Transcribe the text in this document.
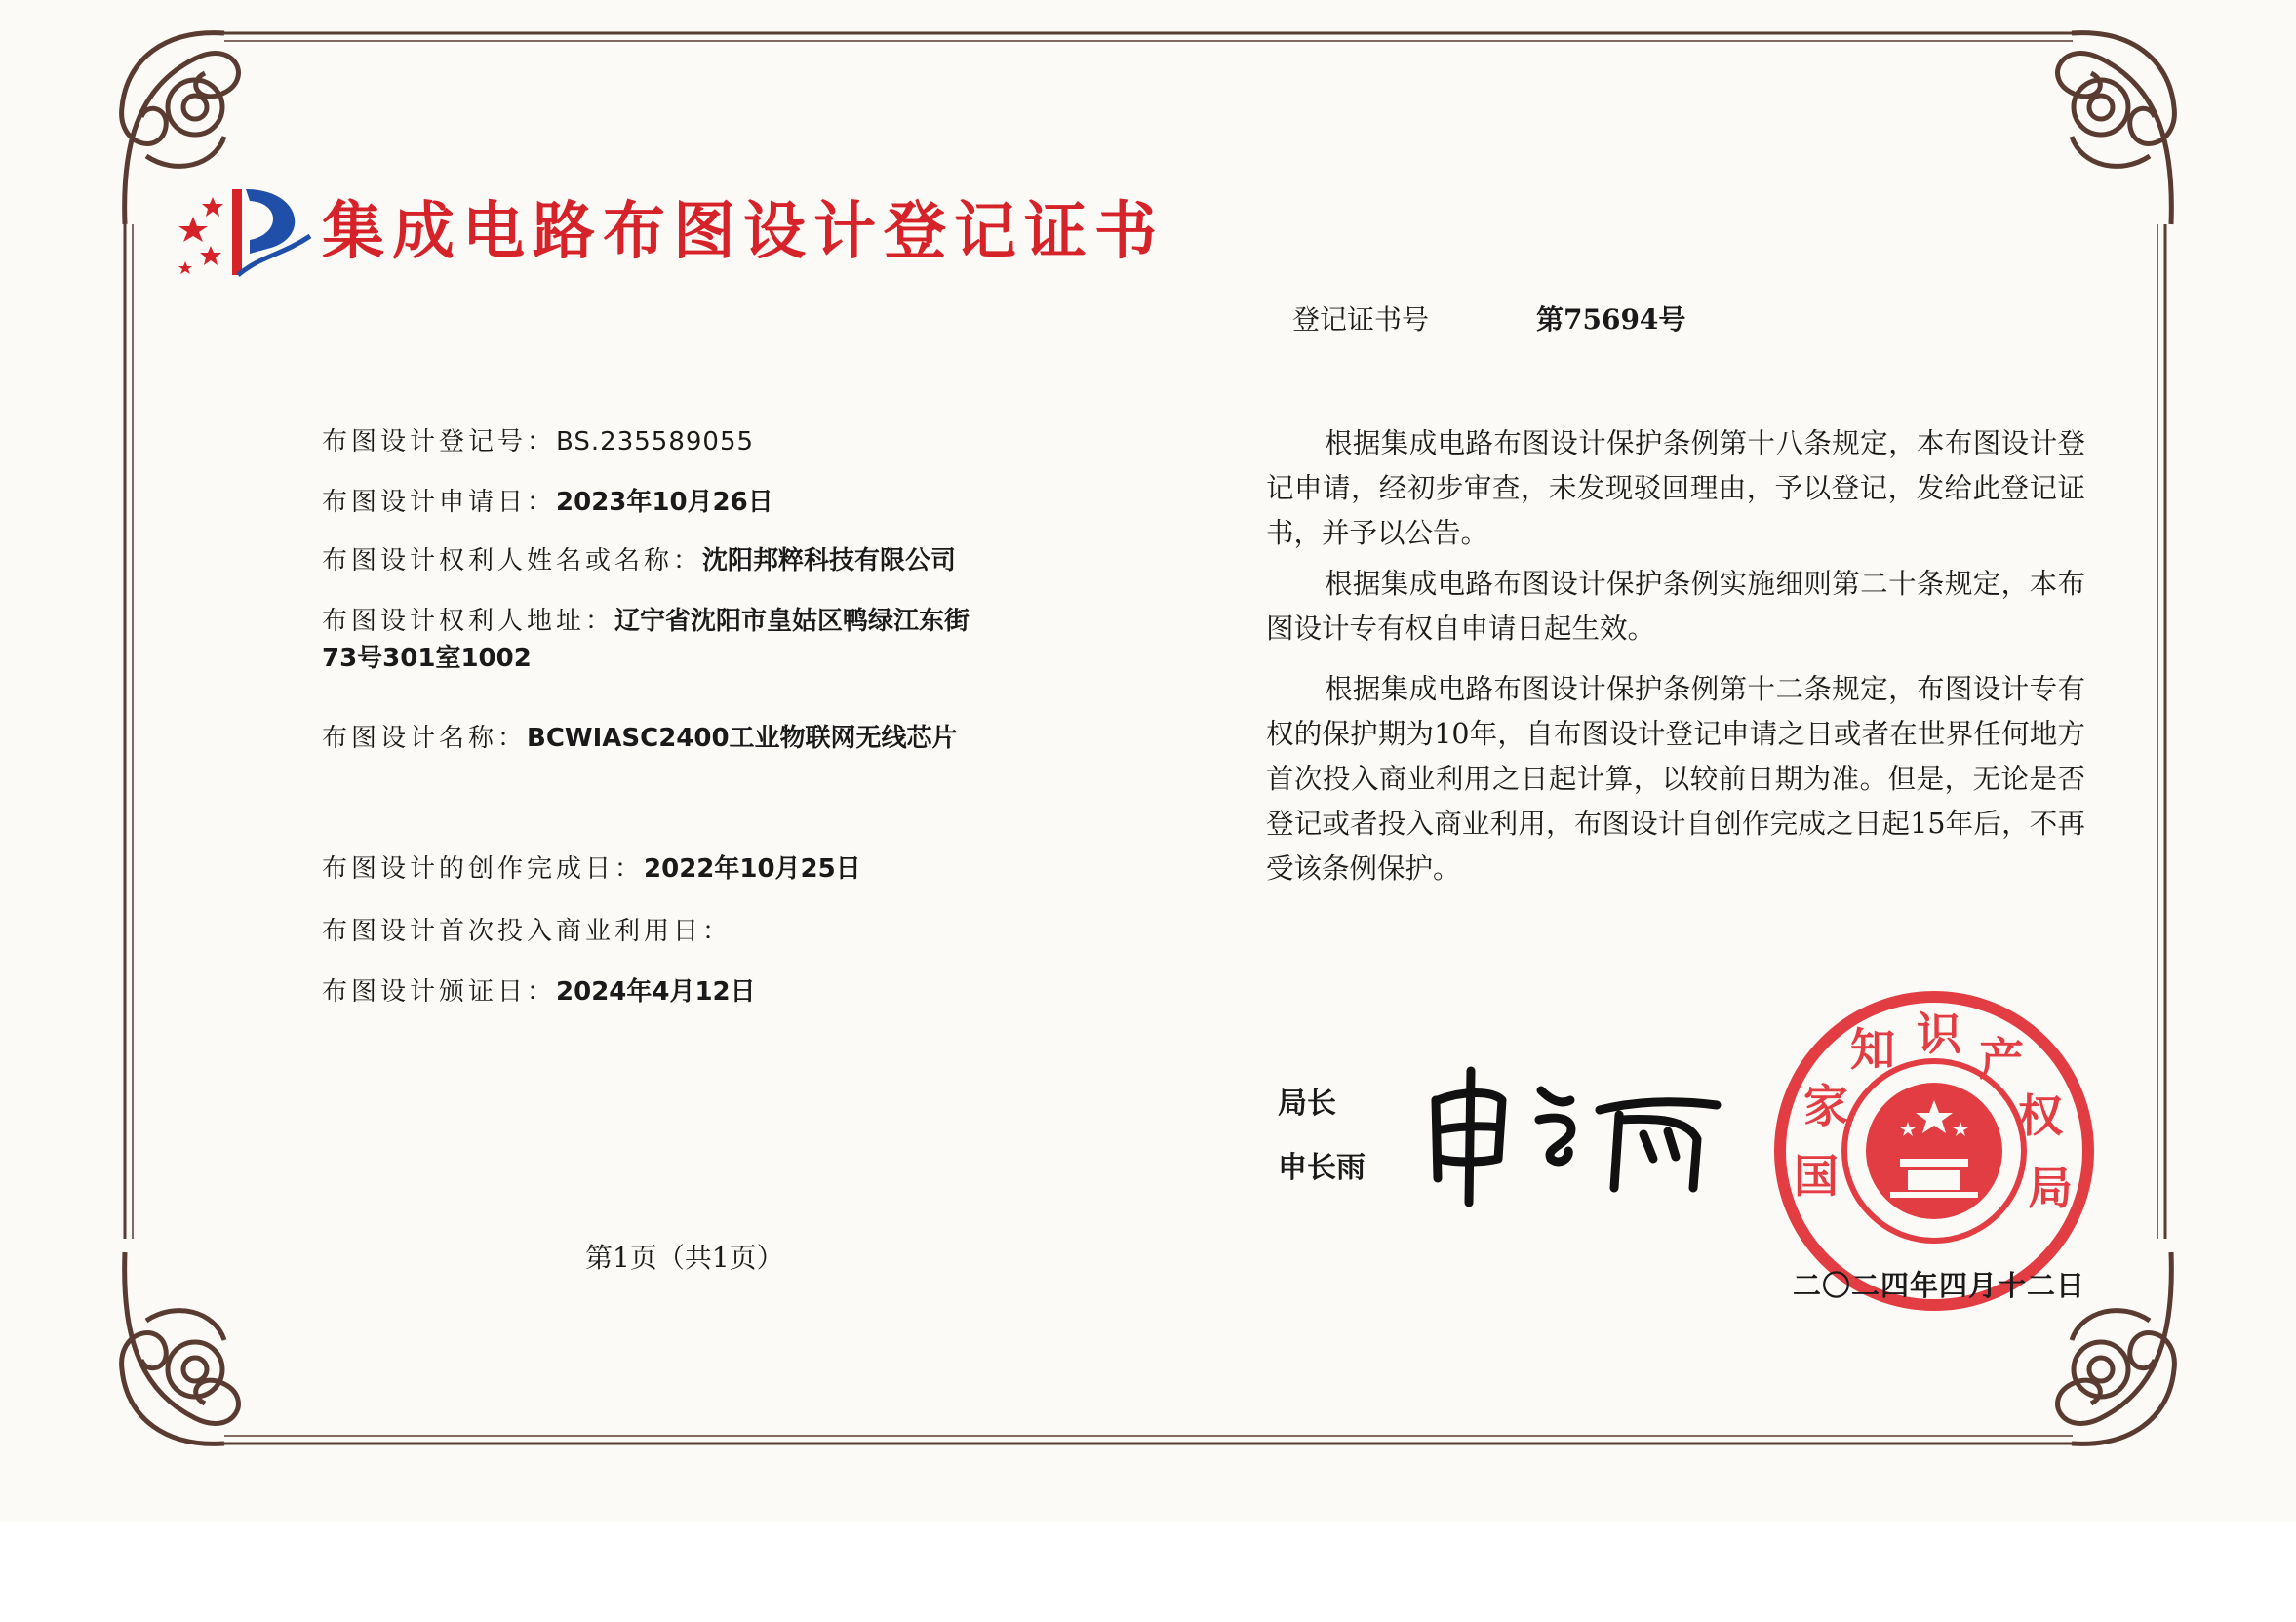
集成电路布图设计登记证书
登记证书号	第75694号
布图设计登记号：BS.235589055
布图设计申请日：2023年10月26日
布图设计权利人姓名或名称：沈阳邦粹科技有限公司
布图设计权利人地址：辽宁省沈阳市皇姑区鸭绿江东街73号301室1002
布图设计名称：BCWIASC2400工业物联网无线芯片
布图设计的创作完成日：2022年10月25日
布图设计首次投入商业利用日：
布图设计颁证日：2024年4月12日
根据集成电路布图设计保护条例第十八条规定，本布图设计登记申请，经初步审查，未发现驳回理由，予以登记，发给此登记证书，并予以公告。
根据集成电路布图设计保护条例实施细则第二十条规定，本布图设计专有权自申请日起生效。
根据集成电路布图设计保护条例第十二条规定，布图设计专有权的保护期为10年，自布图设计登记申请之日或者在世界任何地方首次投入商业利用之日起计算，以较前日期为准。但是，无论是否登记或者投入商业利用，布图设计自创作完成之日起15年后，不再受该条例保护。
局长
申长雨	国 家 知 识 产 权 局
二〇二四年四月十二日
第1页（共1页）
